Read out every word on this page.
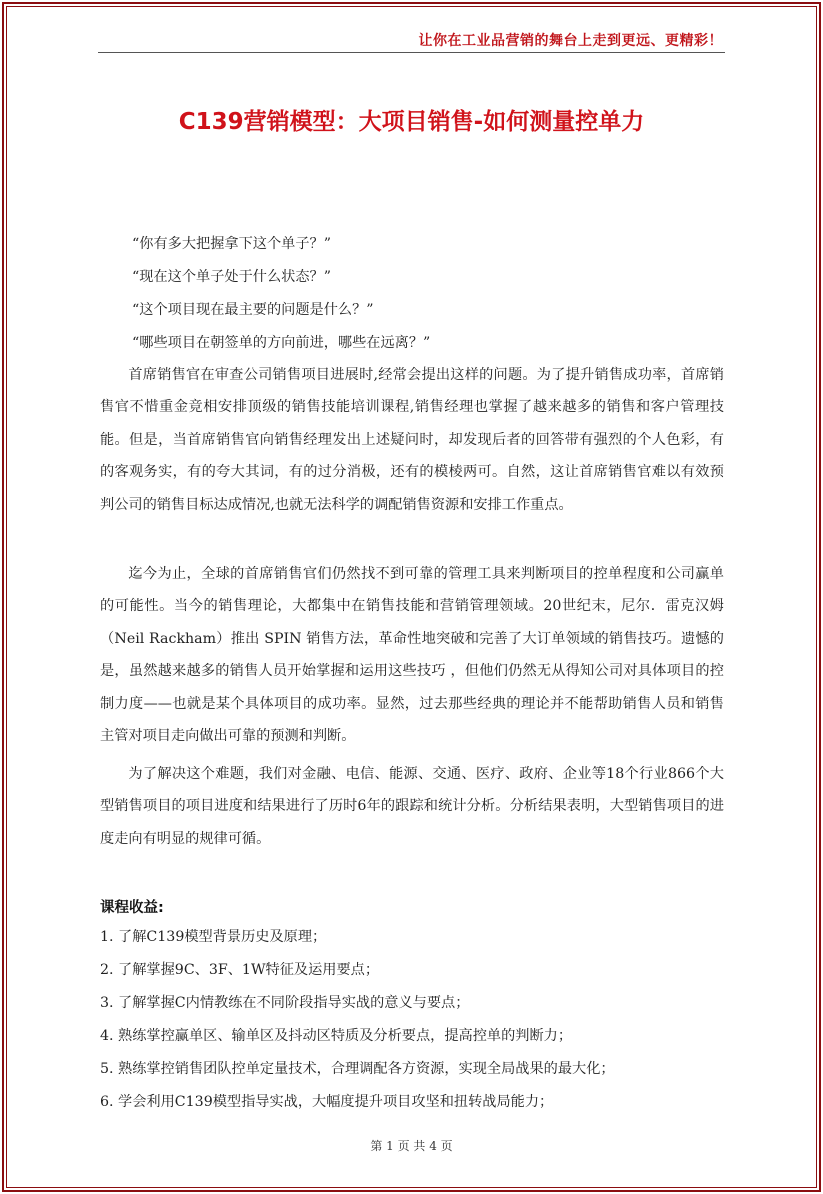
让你在工业品营销的舞台上走到更远、更精彩！
C139营销模型：大项目销售-如何测量控单力
“你有多大把握拿下这个单子？”
“现在这个单子处于什么状态？”
“这个项目现在最主要的问题是什么？”
“哪些项目在朝签单的方向前进，哪些在远离？”

首席销售官在审查公司销售项目进展时,经常会提出这样的问题。为了提升销售成功率，首席销售官不惜重金竞相安排顶级的销售技能培训课程,销售经理也掌握了越来越多的销售和客户管理技能。但是，当首席销售官向销售经理发出上述疑问时，却发现后者的回答带有强烈的个人色彩，有的客观务实，有的夸大其词，有的过分消极，还有的模棱两可。自然，这让首席销售官难以有效预判公司的销售目标达成情况,也就无法科学的调配销售资源和安排工作重点。

迄今为止，全球的首席销售官们仍然找不到可靠的管理工具来判断项目的控单程度和公司赢单的可能性。当今的销售理论，大都集中在销售技能和营销管理领域。20世纪末，尼尔．雷克汉姆（Neil Rackham）推出 SPIN 销售方法，革命性地突破和完善了大订单领域的销售技巧。遗憾的是，虽然越来越多的销售人员开始掌握和运用这些技巧 ，但他们仍然无从得知公司对具体项目的控制力度——也就是某个具体项目的成功率。显然，过去那些经典的理论并不能帮助销售人员和销售主管对项目走向做出可靠的预测和判断。

为了解决这个难题，我们对金融、电信、能源、交通、医疗、政府、企业等18个行业866个大型销售项目的项目进度和结果进行了历时6年的跟踪和统计分析。分析结果表明，大型销售项目的进度走向有明显的规律可循。

课程收益:
1. 了解C139模型背景历史及原理；
2. 了解掌握9C、3F、1W特征及运用要点；
3. 了解掌握C内情教练在不同阶段指导实战的意义与要点；
4. 熟练掌控赢单区、输单区及抖动区特质及分析要点，提高控单的判断力；
5. 熟练掌控销售团队控单定量技术，合理调配各方资源，实现全局战果的最大化；
6. 学会利用C139模型指导实战，大幅度提升项目攻坚和扭转战局能力；
第 1 页 共 4 页
